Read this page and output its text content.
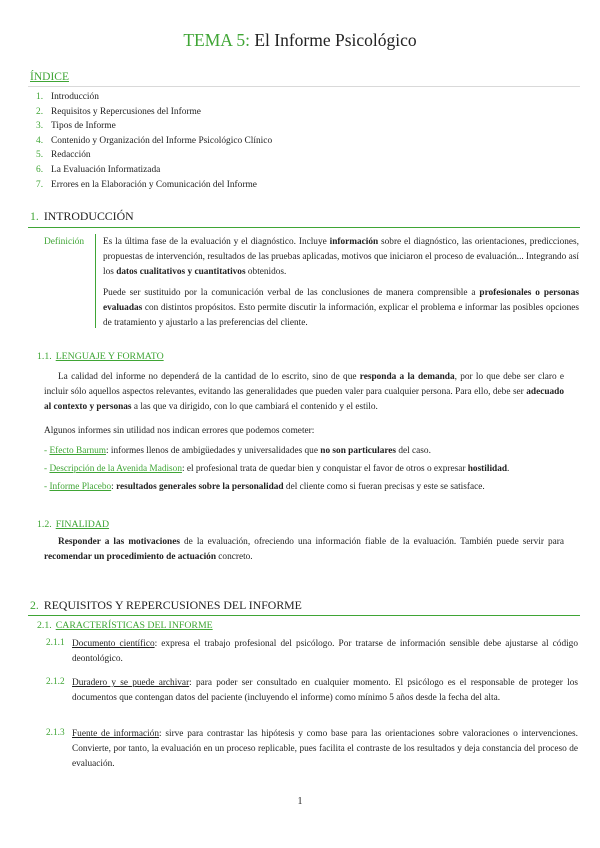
TEMA 5: El Informe Psicológico
ÍNDICE
1. Introducción
2. Requisitos y Repercusiones del Informe
3. Tipos de Informe
4. Contenido y Organización del Informe Psicológico Clínico
5. Redacción
6. La Evaluación Informatizada
7. Errores en la Elaboración y Comunicación del Informe
1. INTRODUCCIÓN
Definición Es la última fase de la evaluación y el diagnóstico. Incluye información sobre el diagnóstico, las orientaciones, predicciones, propuestas de intervención, resultados de las pruebas aplicadas, motivos que iniciaron el proceso de evaluación... Integrando así los datos cualitativos y cuantitativos obtenidos.

Puede ser sustituido por la comunicación verbal de las conclusiones de manera comprensible a profesionales o personas evaluadas con distintos propósitos. Esto permite discutir la información, explicar el problema e informar las posibles opciones de tratamiento y ajustarlo a las preferencias del cliente.

1.1. LENGUAJE Y FORMATO

La calidad del informe no dependerá de la cantidad de lo escrito, sino de que responda a la demanda, por lo que debe ser claro e incluir sólo aquellos aspectos relevantes, evitando las generalidades que pueden valer para cualquier persona. Para ello, debe ser adecuado al contexto y personas a las que va dirigido, con lo que cambiará el contenido y el estilo.

Algunos informes sin utilidad nos indican errores que podemos cometer:

- Efecto Barnum: informes llenos de ambigüedades y universalidades que no son particulares del caso.

- Descripción de la Avenida Madison: el profesional trata de quedar bien y conquistar el favor de otros o expresar hostilidad.

- Informe Placebo: resultados generales sobre la personalidad del cliente como si fueran precisas y este se satisface.

1.2. FINALIDAD

Responder a las motivaciones de la evaluación, ofreciendo una información fiable de la evaluación. También puede servir para recomendar un procedimiento de actuación concreto.

2. REQUISITOS Y REPERCUSIONES DEL INFORME
2.1. CARACTERÍSTICAS DEL INFORME
2.1.1 Documento científico: expresa el trabajo profesional del psicólogo. Por tratarse de información sensible debe ajustarse al código deontológico.

2.1.2 Duradero y se puede archivar: para poder ser consultado en cualquier momento. El psicólogo es el responsable de proteger los documentos que contengan datos del paciente (incluyendo el informe) como mínimo 5 años desde la fecha del alta.

2.1.3 Fuente de información: sirve para contrastar las hipótesis y como base para las orientaciones sobre valoraciones o intervenciones. Convierte, por tanto, la evaluación en un proceso replicable, pues facilita el contraste de los resultados y deja constancia del proceso de evaluación.

1
